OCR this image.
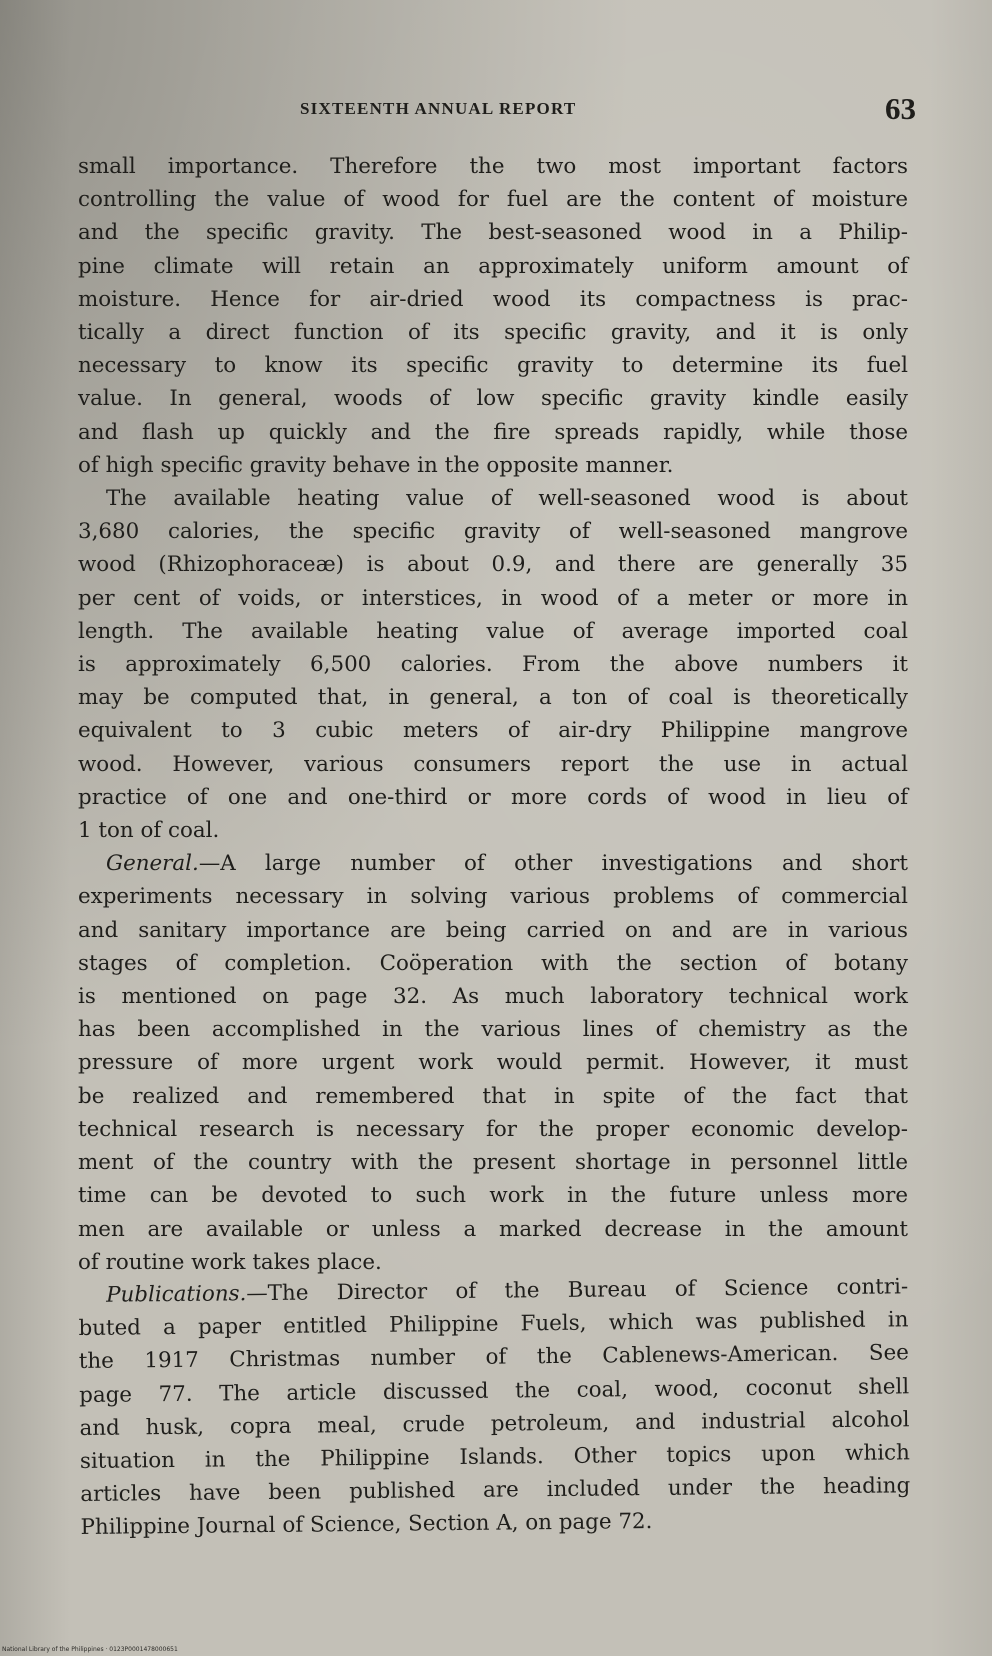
SIXTEENTH ANNUAL REPORT	63
small importance. Therefore the two most important factors
controlling the value of wood for fuel are the content of moisture
and the specific gravity. The best-seasoned wood in a Philip-
pine climate will retain an approximately uniform amount of
moisture. Hence for air-dried wood its compactness is prac-
tically a direct function of its specific gravity, and it is only
necessary to know its specific gravity to determine its fuel
value. In general, woods of low specific gravity kindle easily
and flash up quickly and the fire spreads rapidly, while those
of high specific gravity behave in the opposite manner.
The available heating value of well-seasoned wood is about
3,680 calories, the specific gravity of well-seasoned mangrove
wood (Rhizophoraceæ) is about 0.9, and there are generally 35
per cent of voids, or interstices, in wood of a meter or more in
length. The available heating value of average imported coal
is approximately 6,500 calories. From the above numbers it
may be computed that, in general, a ton of coal is theoretically
equivalent to 3 cubic meters of air-dry Philippine mangrove
wood. However, various consumers report the use in actual
practice of one and one-third or more cords of wood in lieu of
1 ton of coal.
General.—A large number of other investigations and short
experiments necessary in solving various problems of commercial
and sanitary importance are being carried on and are in various
stages of completion. Coöperation with the section of botany
is mentioned on page 32. As much laboratory technical work
has been accomplished in the various lines of chemistry as the
pressure of more urgent work would permit. However, it must
be realized and remembered that in spite of the fact that
technical research is necessary for the proper economic develop-
ment of the country with the present shortage in personnel little
time can be devoted to such work in the future unless more
men are available or unless a marked decrease in the amount
of routine work takes place.
Publications.—The Director of the Bureau of Science contri-
buted a paper entitled Philippine Fuels, which was published in
the 1917 Christmas number of the Cablenews-American. See
page 77. The article discussed the coal, wood, coconut shell
and husk, copra meal, crude petroleum, and industrial alcohol
situation in the Philippine Islands. Other topics upon which
articles have been published are included under the heading
Philippine Journal of Science, Section A, on page 72.
National Library of the Philippines · 0123P0001478000651
